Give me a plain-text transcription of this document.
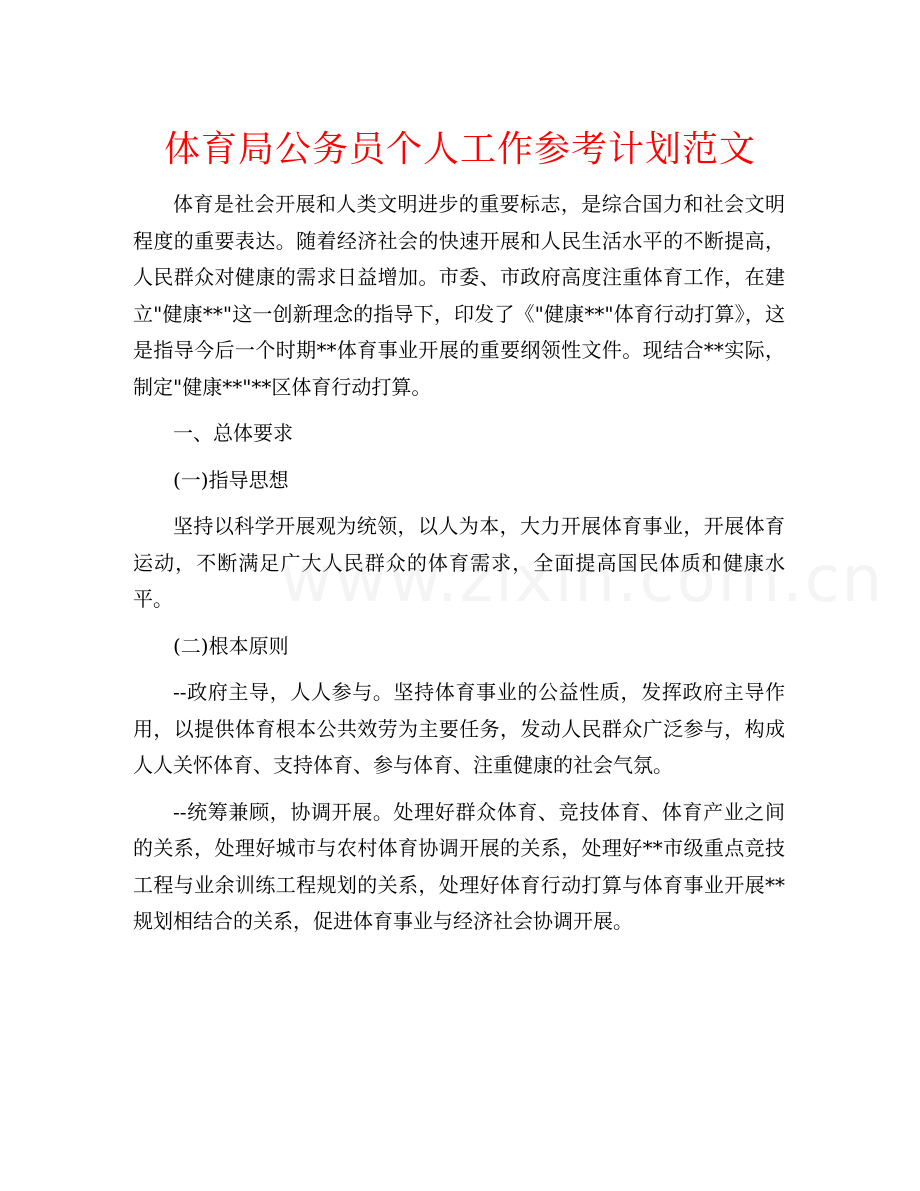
体育局公务员个人工作参考计划范文

体育是社会开展和人类文明进步的重要标志，是综合国力和社会文明程度的重要表达。随着经济社会的快速开展和人民生活水平的不断提高，人民群众对健康的需求日益增加。市委、市政府高度注重体育工作，在建立"健康**"这一创新理念的指导下，印发了《"健康**"体育行动打算》，这是指导今后一个时期**体育事业开展的重要纲领性文件。现结合**实际，制定"健康**"**区体育行动打算。

一、总体要求

(一)指导思想

坚持以科学开展观为统领，以人为本，大力开展体育事业，开展体育运动，不断满足广大人民群众的体育需求，全面提高国民体质和健康水平。

(二)根本原则

--政府主导，人人参与。坚持体育事业的公益性质，发挥政府主导作用，以提供体育根本公共效劳为主要任务，发动人民群众广泛参与，构成人人关怀体育、支持体育、参与体育、注重健康的社会气氛。

--统筹兼顾，协调开展。处理好群众体育、竞技体育、体育产业之间的关系，处理好城市与农村体育协调开展的关系，处理好**市级重点竞技工程与业余训练工程规划的关系，处理好体育行动打算与体育事业开展**规划相结合的关系，促进体育事业与经济社会协调开展。
